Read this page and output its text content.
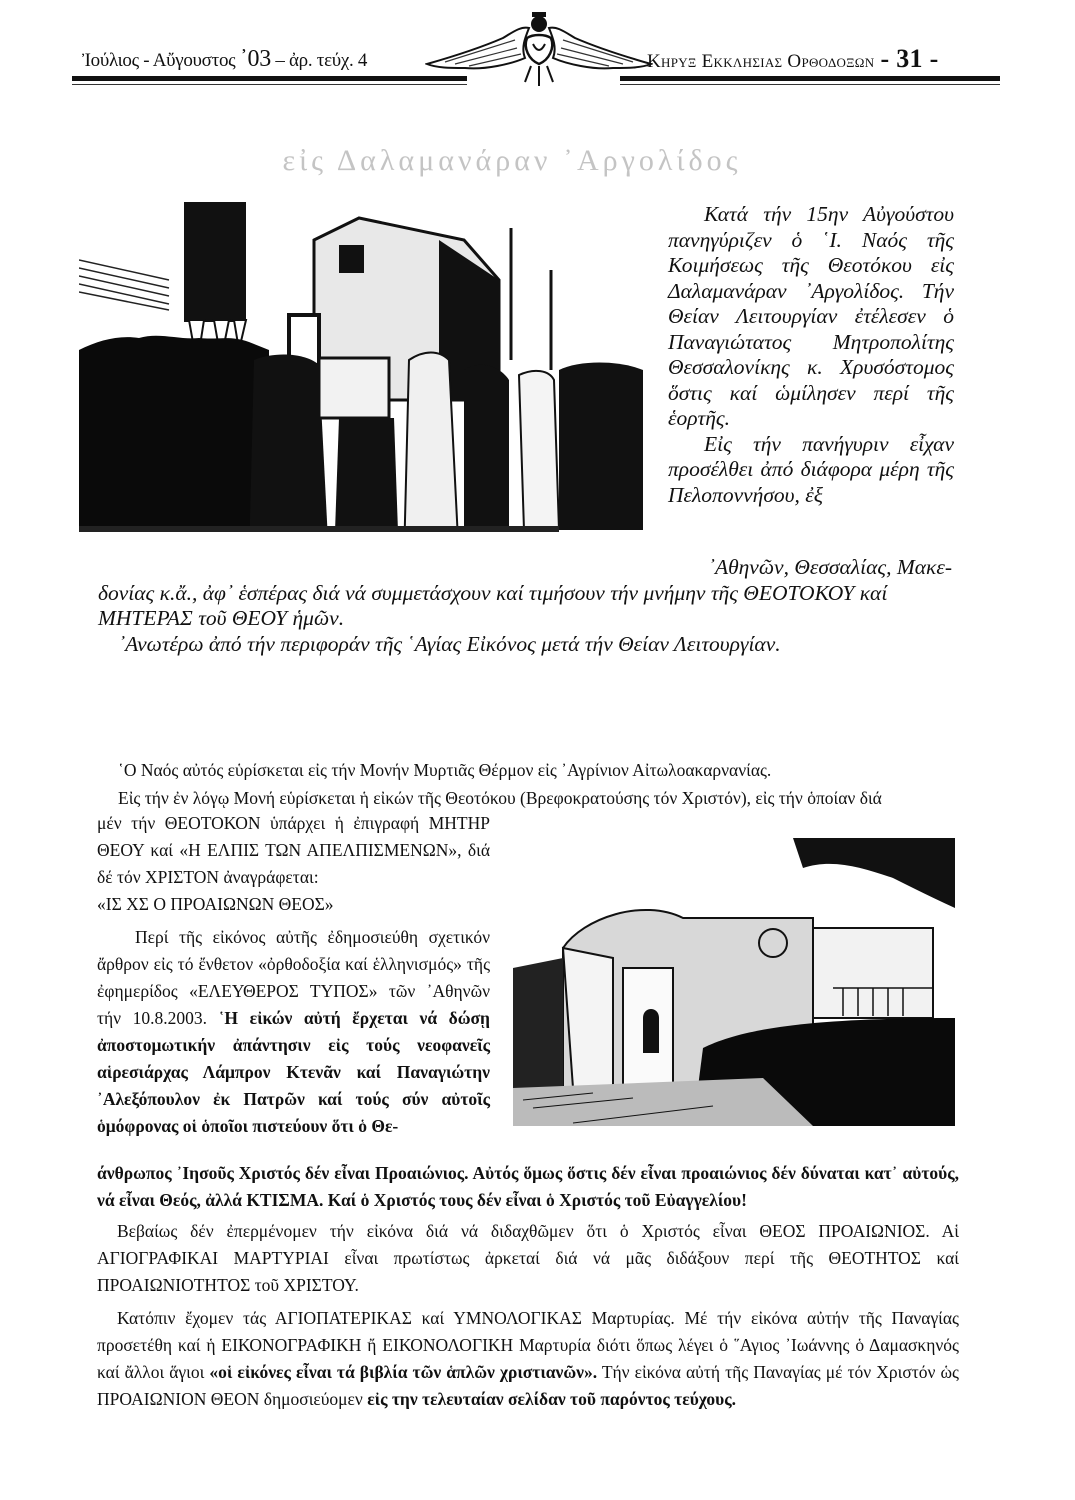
Ἰούλιος - Αὔγουστος ᾽03 – ἀρ. τεύχ. 4	Κηρυξ Εκκλησιας Ορθοδοξων - 31 -
εἰς Δαλαμανάραν ᾽Αργολίδος

Κατά τήν 15ην Αὐγούστου πανηγύριζεν ὁ ῾Ι. Ναός τῆς Κοιμήσεως τῆς Θεοτόκου εἰς Δαλαμανάραν ᾽Αργολίδος. Τήν Θείαν Λειτουργίαν ἐτέλεσεν ὁ Παναγιώτατος Μητροπολίτης Θεσσαλονίκης κ. Χρυσόστομος ὅστις καί ὡμίλησεν περί τῆς ἑορτῆς.

Εἰς τήν πανήγυριν εἶχαν προσέλθει ἀπό διάφορα μέρη τῆς Πελοποννήσου, ἐξ

᾽Αθηνῶν, Θεσσαλίας, Μακε-

δονίας κ.ἄ., ἀφ᾽ ἑσπέρας διά νά συμμετάσχουν καί τιμήσουν τήν μνήμην τῆς ΘΕΟΤΟΚΟΥ καί ΜΗΤΕΡΑΣ τοῦ ΘΕΟΥ ἡμῶν.

᾽Ανωτέρω ἀπό τήν περιφοράν τῆς ῾Αγίας Εἰκόνος μετά τήν Θείαν Λειτουργίαν.

῾Ο Ναός αὐτός εὑρίσκεται εἰς τήν Μονήν Μυρτιᾶς Θέρμον εἰς ᾽Αγρίνιον Αἰτωλοακαρνανίας.

Εἰς τήν ἐν λόγῳ Μονή εὑρίσκεται ἡ εἰκών τῆς Θεοτόκου (Βρεφοκρατούσης τόν Χριστόν), εἰς τήν ὁποίαν διά

μέν τήν ΘΕΟΤΟΚΟΝ ὑπάρχει ἡ ἐπιγραφή ΜΗΤΗΡ ΘΕΟΥ καί «Η ΕΛΠΙΣ ΤΩΝ ΑΠΕΛΠΙΣΜΕΝΩΝ», διά δέ τόν ΧΡΙΣΤΟΝ ἀναγράφεται:

«ΙΣ ΧΣ Ο ΠΡΟΑΙΩΝΩΝ ΘΕΟΣ»

Περί τῆς εἰκόνος αὐτῆς ἐδημοσιεύθη σχετικόν ἄρθρον εἰς τό ἔνθετον «ὀρθοδοξία καί ἑλληνισμός» τῆς ἐφημερίδος «ΕΛΕΥΘΕΡΟΣ ΤΥΠΟΣ» τῶν ᾽Αθηνῶν τήν 10.8.2003. ῾Η εἰκών αὐτή ἔρχεται νά δώσῃ ἀποστομωτικήν ἀπάντησιν εἰς τούς νεοφανεῖς αἱρεσιάρχας Λάμπρον Κτενᾶν καί Παναγιώτην ᾽Αλεξόπουλον ἐκ Πατρῶν καί τούς σύν αὐτοῖς ὁμόφρονας οἱ ὁποῖοι πιστεύουν ὅτι ὁ Θε-

άνθρωπος ᾽Ιησοῦς Χριστός δέν εἶναι Προαιώνιος. Αὐτός ὅμως ὅστις δέν εἶναι προαιώνιος δέν δύναται κατ᾽ αὐτούς, νά εἶναι Θεός, ἀλλά ΚΤΙΣΜΑ. Καί ὁ Χριστός τους δέν εἶναι ὁ Χριστός τοῦ Εὐαγγελίου!

Βεβαίως δέν ἐπερμένομεν τήν εἰκόνα διά νά διδαχθῶμεν ὅτι ὁ Χριστός εἶναι ΘΕΟΣ ΠΡΟΑΙΩΝΙΟΣ. Αἱ ΑΓΙΟΓΡΑΦΙΚΑΙ ΜΑΡΤΥΡΙΑΙ εἶναι πρωτίστως ἀρκεταί διά νά μᾶς διδάξουν περί τῆς ΘΕΟΤΗΤΟΣ καί ΠΡΟΑΙΩΝΙΟΤΗΤΟΣ τοῦ ΧΡΙΣΤΟΥ.

Κατόπιν ἔχομεν τάς ΑΓΙΟΠΑΤΕΡΙΚΑΣ καί ΥΜΝΟΛΟΓΙΚΑΣ Μαρτυρίας. Μέ τήν εἰκόνα αὐτήν τῆς Παναγίας προσετέθη καί ἡ ΕΙΚΟΝΟΓΡΑΦΙΚΗ ἤ ΕΙΚΟΝΟΛΟΓΙΚΗ Μαρτυρία διότι ὅπως λέγει ὁ ῞Αγιος ᾽Ιωάννης ὁ Δαμασκηνός καί ἄλλοι ἅγιοι «οἱ εἰκόνες εἶναι τά βιβλία τῶν ἁπλῶν χριστιανῶν». Τήν εἰκόνα αὐτή τῆς Παναγίας μέ τόν Χριστόν ὡς ΠΡΟΑΙΩΝΙΟΝ ΘΕΟΝ δημοσιεύομεν εἰς την τελευταίαν σελίδαν τοῦ παρόντος τεύχους.
